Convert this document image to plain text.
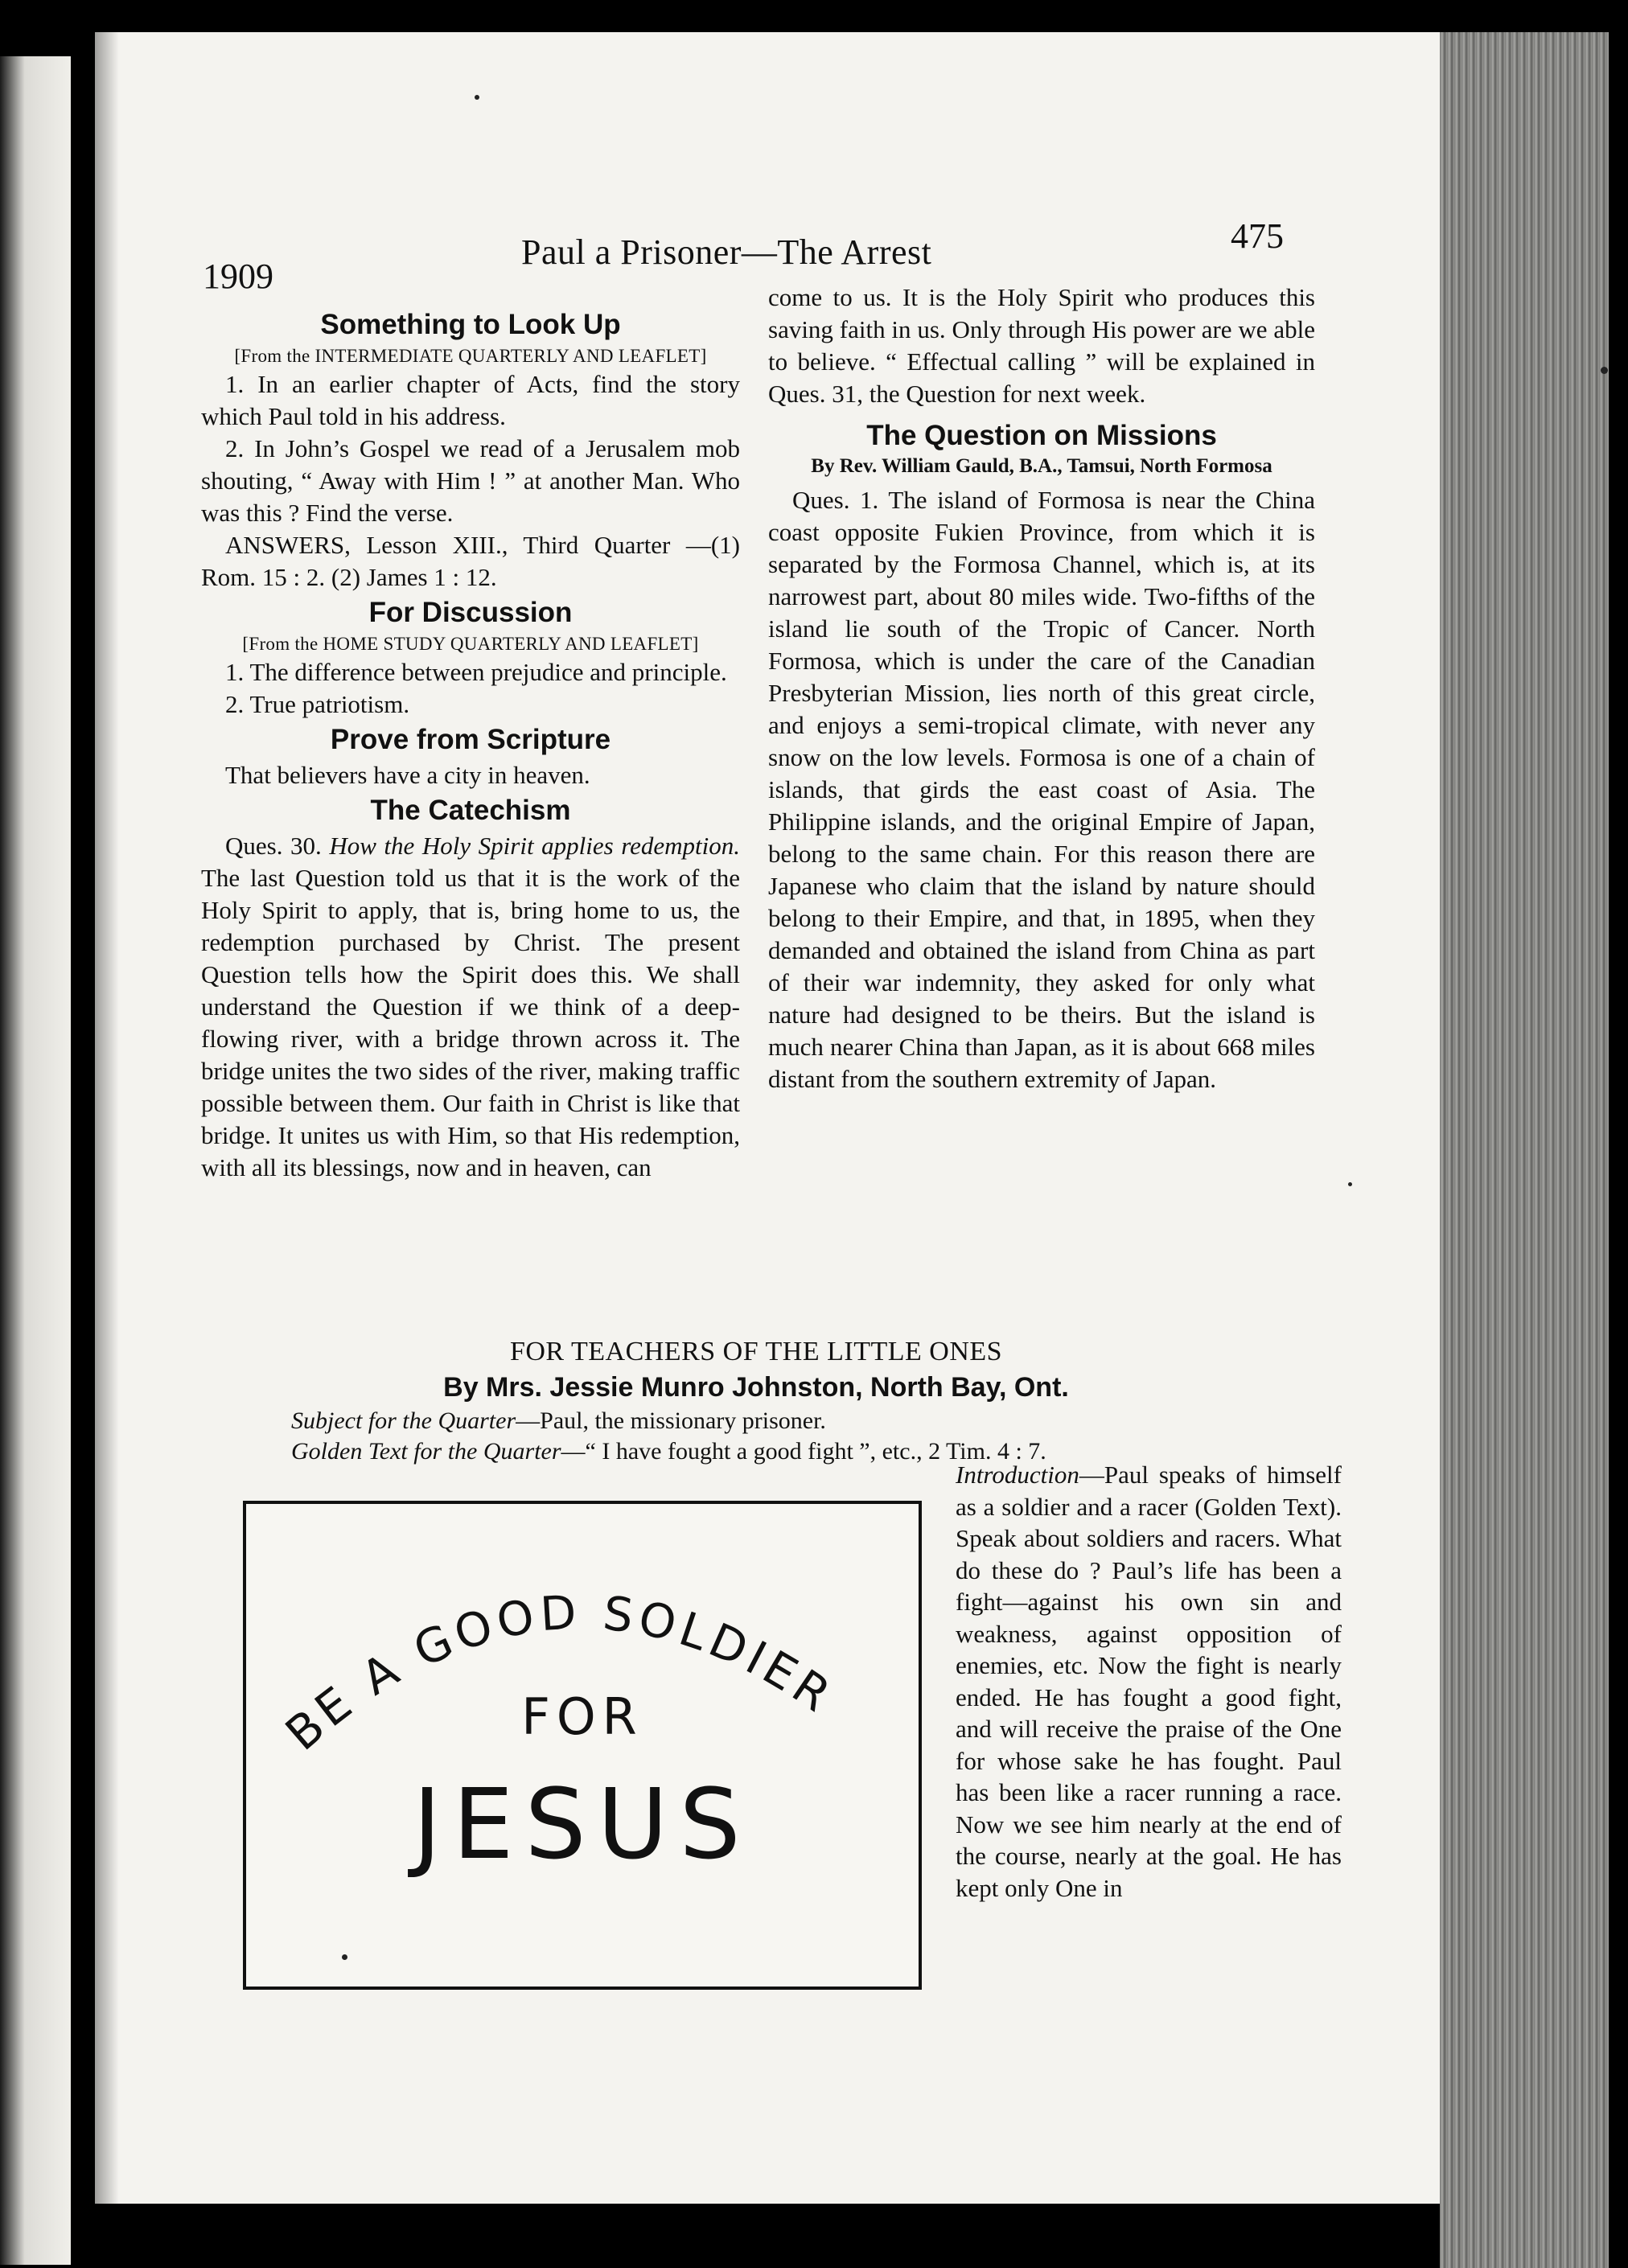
1909
Paul a Prisoner—The Arrest	475
Something to Look Up
[From the INTERMEDIATE QUARTERLY AND LEAFLET]

1. In an earlier chapter of Acts, find the story which Paul told in his address.

2. In John’s Gospel we read of a Jerusalem mob shouting, “ Away with Him ! ” at another Man. Who was this ? Find the verse.

ANSWERS, Lesson XIII., Third Quarter —(1) Rom. 15 : 2. (2) James 1 : 12.

For Discussion
[From the HOME STUDY QUARTERLY AND LEAFLET]

1. The difference between prejudice and principle.

2. True patriotism.

Prove from Scripture

That believers have a city in heaven.

The Catechism

Ques. 30. How the Holy Spirit applies redemption. The last Question told us that it is the work of the Holy Spirit to apply, that is, bring home to us, the redemption purchased by Christ. The present Question tells how the Spirit does this. We shall understand the Question if we think of a deep-flowing river, with a bridge thrown across it. The bridge unites the two sides of the river, making traffic possible between them. Our faith in Christ is like that bridge. It unites us with Him, so that His redemption, with all its blessings, now and in heaven, can

come to us. It is the Holy Spirit who produces this saving faith in us. Only through His power are we able to believe. “ Effectual calling ” will be explained in Ques. 31, the Question for next week.

The Question on Missions
By Rev. William Gauld, B.A., Tamsui, North Formosa

Ques. 1. The island of Formosa is near the China coast opposite Fukien Province, from which it is separated by the Formosa Channel, which is, at its narrowest part, about 80 miles wide. Two-fifths of the island lie south of the Tropic of Cancer. North Formosa, which is under the care of the Canadian Presbyterian Mission, lies north of this great circle, and enjoys a semi-tropical climate, with never any snow on the low levels. Formosa is one of a chain of islands, that girds the east coast of Asia. The Philippine islands, and the original Empire of Japan, belong to the same chain. For this reason there are Japanese who claim that the island by nature should belong to their Empire, and that, in 1895, when they demanded and obtained the island from China as part of their war indemnity, they asked for only what nature had designed to be theirs. But the island is much nearer China than Japan, as it is about 668 miles distant from the southern extremity of Japan.

FOR TEACHERS OF THE LITTLE ONES
By Mrs. Jessie Munro Johnston, North Bay, Ont.
Subject for the Quarter—Paul, the missionary prisoner.
Golden Text for the Quarter—“ I have fought a good fight ”, etc., 2 Tim. 4 : 7.
BE A GOOD SOLDIER
FOR
JESUS
Introduction—Paul speaks of himself as a soldier and a racer (Golden Text). Speak about soldiers and racers. What do these do ? Paul’s life has been a fight—against his own sin and weakness, against opposition of enemies, etc. Now the fight is nearly ended. He has fought a good fight, and will receive the praise of the One for whose sake he has fought. Paul has been like a racer running a race. Now we see him nearly at the end of the course, nearly at the goal. He has kept only One in
